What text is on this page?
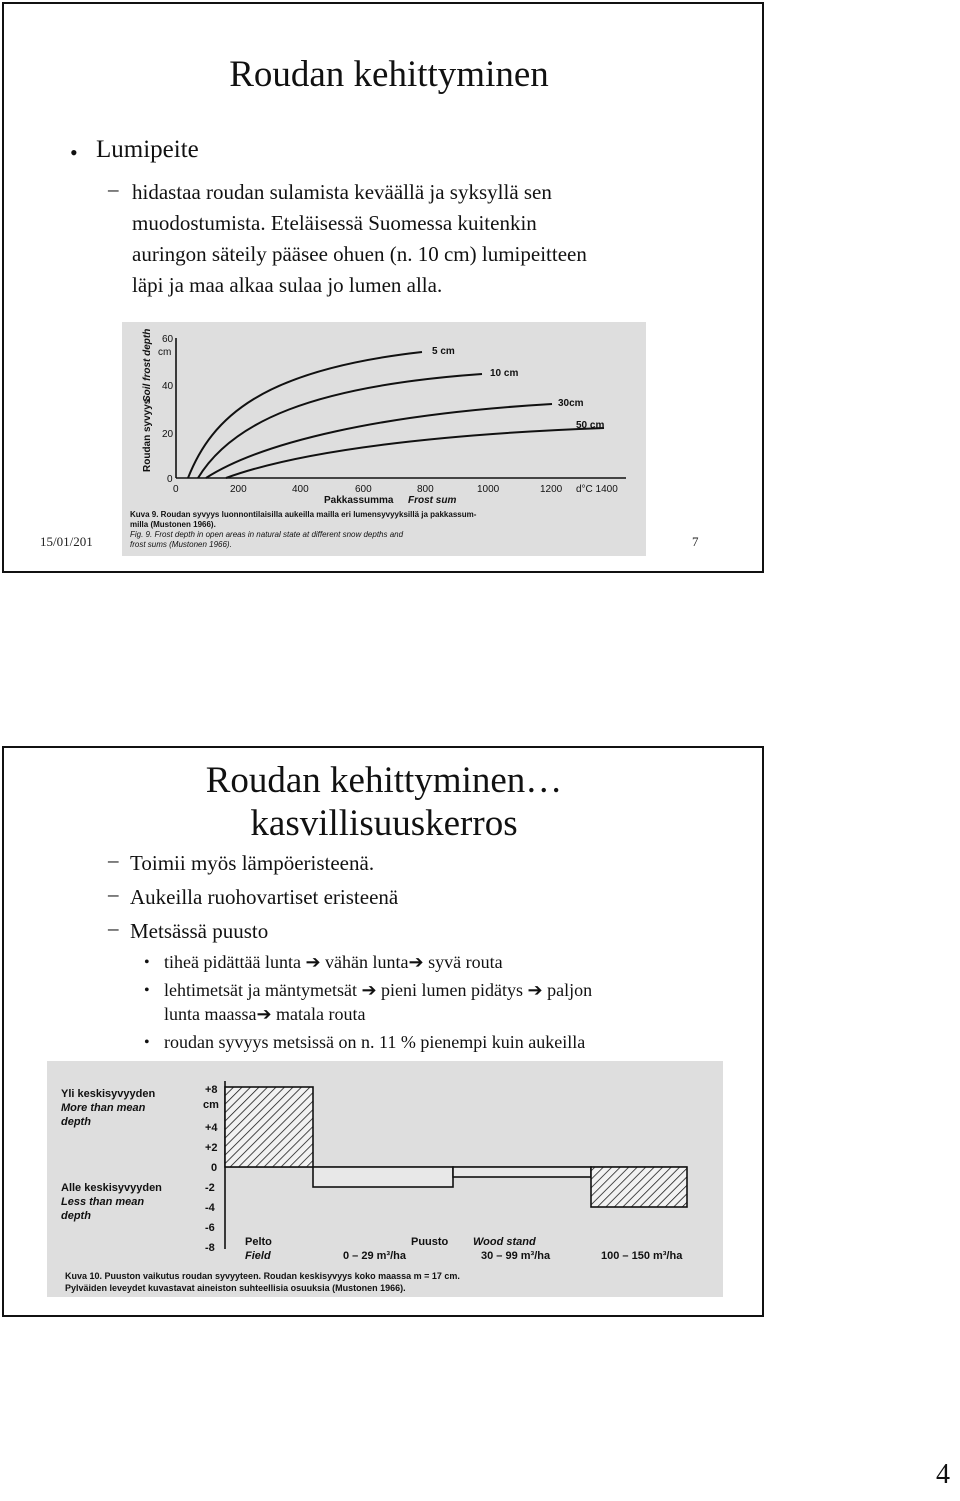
Roudan kehittyminen
• Lumipeite
– hidastaa roudan sulamista keväällä ja syksyllä sen
muodostumista. Eteläisessä Suomessa kuitenkin
auringon säteily pääsee ohuen (n. 10 cm) lumipeitteen
läpi ja maa alkaa sulaa jo lumen alla.
15/01/201	7
Roudan syvyys
Soil frost depth 60
cm
40
20
0
0	200	400	600	800	1000	1200 d°C 1400
Pakkassumma Frost sum
5 cm
10 cm
30cm
50 cm
Kuva 9. Roudan syvyys luonnontilaisilla aukeilla mailla eri lumensyvyyksillä ja pakkassum-
milla (Mustonen 1966).
Fig. 9. Frost depth in open areas in natural state at different snow depths and
frost sums (Mustonen 1966).
Roudan kehittyminen…
kasvillisuuskerros
– Toimii myös lämpöeristeenä.
– Aukeilla ruohovartiset eristeenä
– Metsässä puusto
• tiheä pidättää lunta ➔ vähän lunta➔ syvä routa
• lehtimetsät ja mäntymetsät ➔ pieni lumen pidätys ➔ paljon
lunta maassa➔ matala routa
• roudan syvyys metsissä on n. 11 % pienempi kuin aukeilla
Yli keskisyvyyden
More than mean
depth
Alle keskisyvyyden
Less than mean
depth
+8
cm
+4
+2
0
-2
-4
-6
-8	Pelto
Field
Puusto Wood stand
0 – 29 m³/ha	30 – 99 m³/ha	100 – 150 m³/ha
Kuva 10. Puuston vaikutus roudan syvyyteen. Roudan keskisyvyys koko maassa m = 17 cm.
Pylväiden leveydet kuvastavat aineiston suhteellisia osuuksia (Mustonen 1966).
4
